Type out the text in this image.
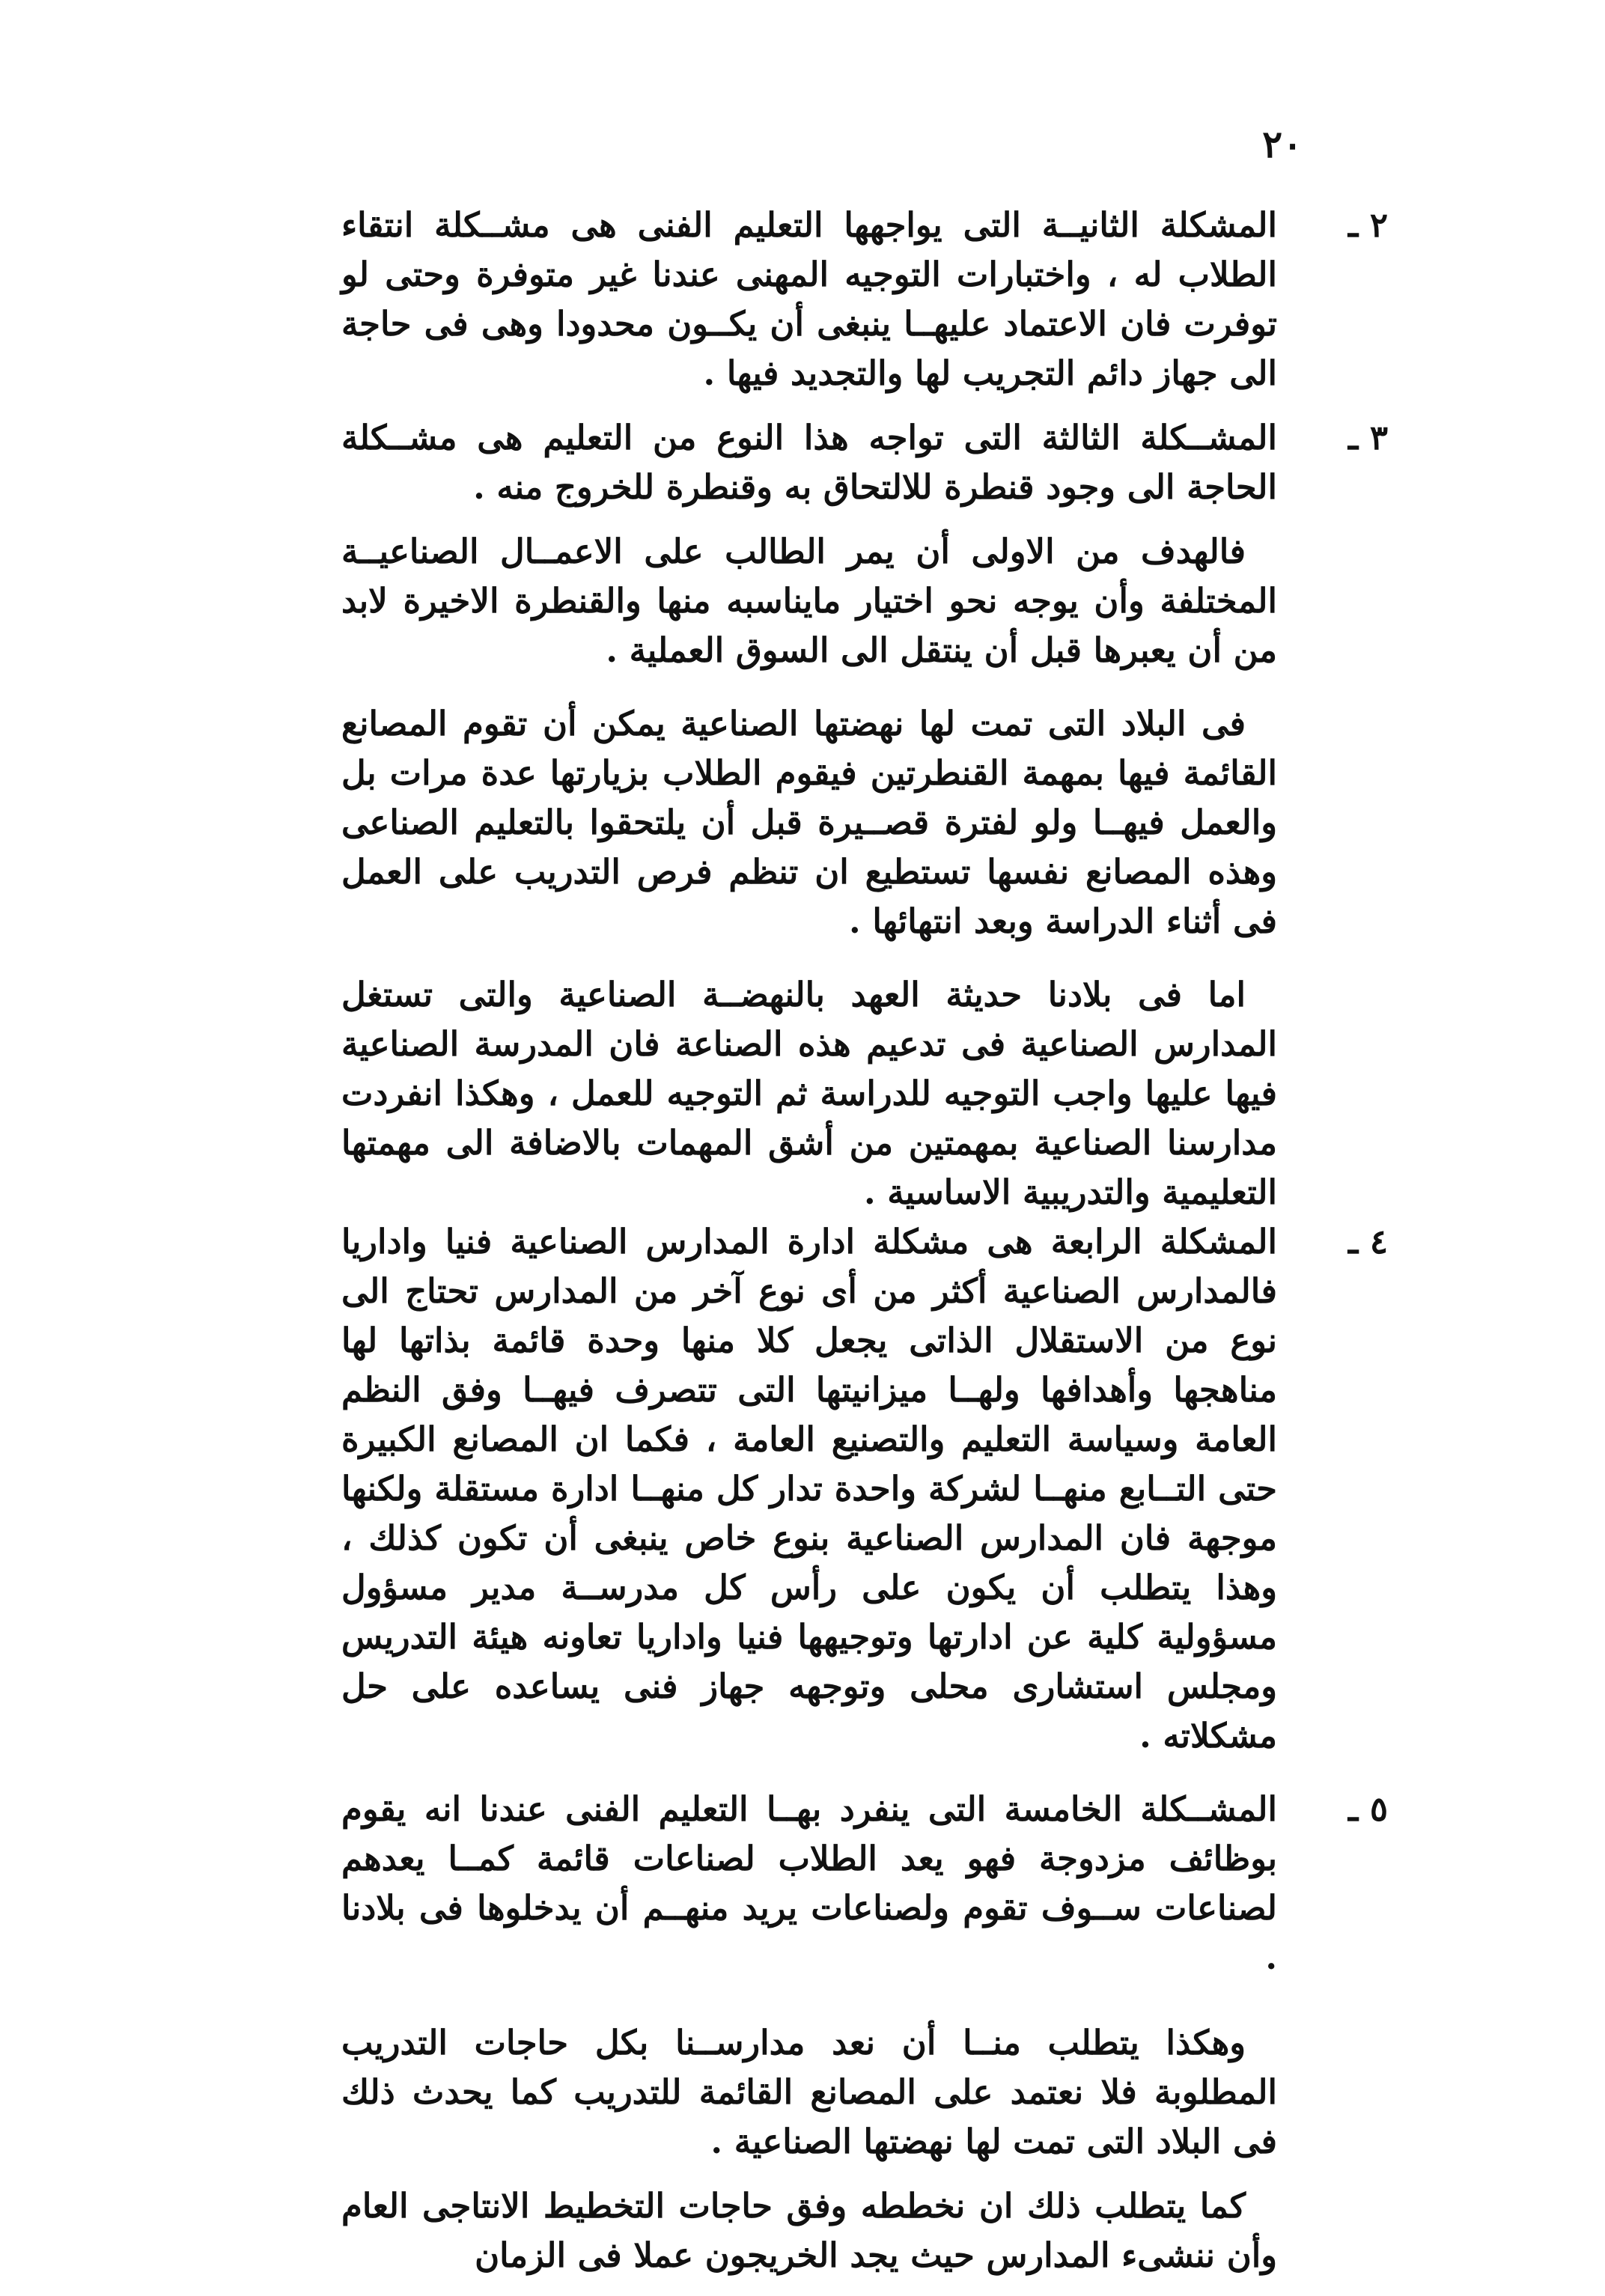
٢٠
٢ ـ

المشكلة الثانيــة التى يواجهها التعليم الفنى هى مشــكلة انتقاء الطلاب له ، واختبارات التوجيه المهنى عندنا غير متوفرة وحتى لو توفرت فان الاعتماد عليهــا ينبغى أن يكــون محدودا وهى فى حاجة الى جهاز دائم التجريب لها والتجديد فيها .

٣ ـ

المشــكلة الثالثة التى تواجه هذا النوع من التعليم هى مشــكلة الحاجة الى وجود قنطرة للالتحاق به وقنطرة للخروج منه .

فالهدف من الاولى أن يمر الطالب على الاعمــال الصناعيــة المختلفة وأن يوجه نحو اختيار مايناسبه منها والقنطرة الاخيرة لابد من أن يعبرها قبل أن ينتقل الى السوق العملية .

فى البلاد التى تمت لها نهضتها الصناعية يمكن أن تقوم المصانع القائمة فيها بمهمة القنطرتين فيقوم الطلاب بزيارتها عدة مرات بل والعمل فيهــا ولو لفترة قصــيرة قبل أن يلتحقوا بالتعليم الصناعى وهذه المصانع نفسها تستطيع ان تنظم فرص التدريب على العمل فى أثناء الدراسة وبعد انتهائها .

اما فى بلادنا حديثة العهد بالنهضــة الصناعية والتى تستغل المدارس الصناعية فى تدعيم هذه الصناعة فان المدرسة الصناعية فيها عليها واجب التوجيه للدراسة ثم التوجيه للعمل ، وهكذا انفردت مدارسنا الصناعية بمهمتين من أشق المهمات بالاضافة الى مهمتها التعليمية والتدريبية الاساسية .

٤ ـ

المشكلة الرابعة هى مشكلة ادارة المدارس الصناعية فنيا واداريا فالمدارس الصناعية أكثر من أى نوع آخر من المدارس تحتاج الى نوع من الاستقلال الذاتى يجعل كلا منها وحدة قائمة بذاتها لها مناهجها وأهدافها ولهــا ميزانيتها التى تتصرف فيهــا وفق النظم العامة وسياسة التعليم والتصنيع العامة ، فكما ان المصانع الكبيرة حتى التــابع منهــا لشركة واحدة تدار كل منهــا ادارة مستقلة ولكنها موجهة فان المدارس الصناعية بنوع خاص ينبغى أن تكون كذلك ، وهذا يتطلب أن يكون على رأس كل مدرســة مدير مسؤول مسؤولية كلية عن ادارتها وتوجيهها فنيا واداريا تعاونه هيئة التدريس ومجلس استشارى محلى وتوجهه جهاز فنى يساعده على حل مشكلاته .

٥ ـ

المشــكلة الخامسة التى ينفرد بهــا التعليم الفنى عندنا انه يقوم بوظائف مزدوجة فهو يعد الطلاب لصناعات قائمة كمــا يعدهم لصناعات ســوف تقوم ولصناعات يريد منهــم أن يدخلوها فى بلادنا .

وهكذا يتطلب منــا أن نعد مدارســنا بكل حاجات التدريب المطلوبة فلا نعتمد على المصانع القائمة للتدريب كما يحدث ذلك فى البلاد التى تمت لها نهضتها الصناعية .

كما يتطلب ذلك ان نخططه وفق حاجات التخطيط الانتاجى العام وأن ننشىء المدارس حيث يجد الخريجون عملا فى الزمان
